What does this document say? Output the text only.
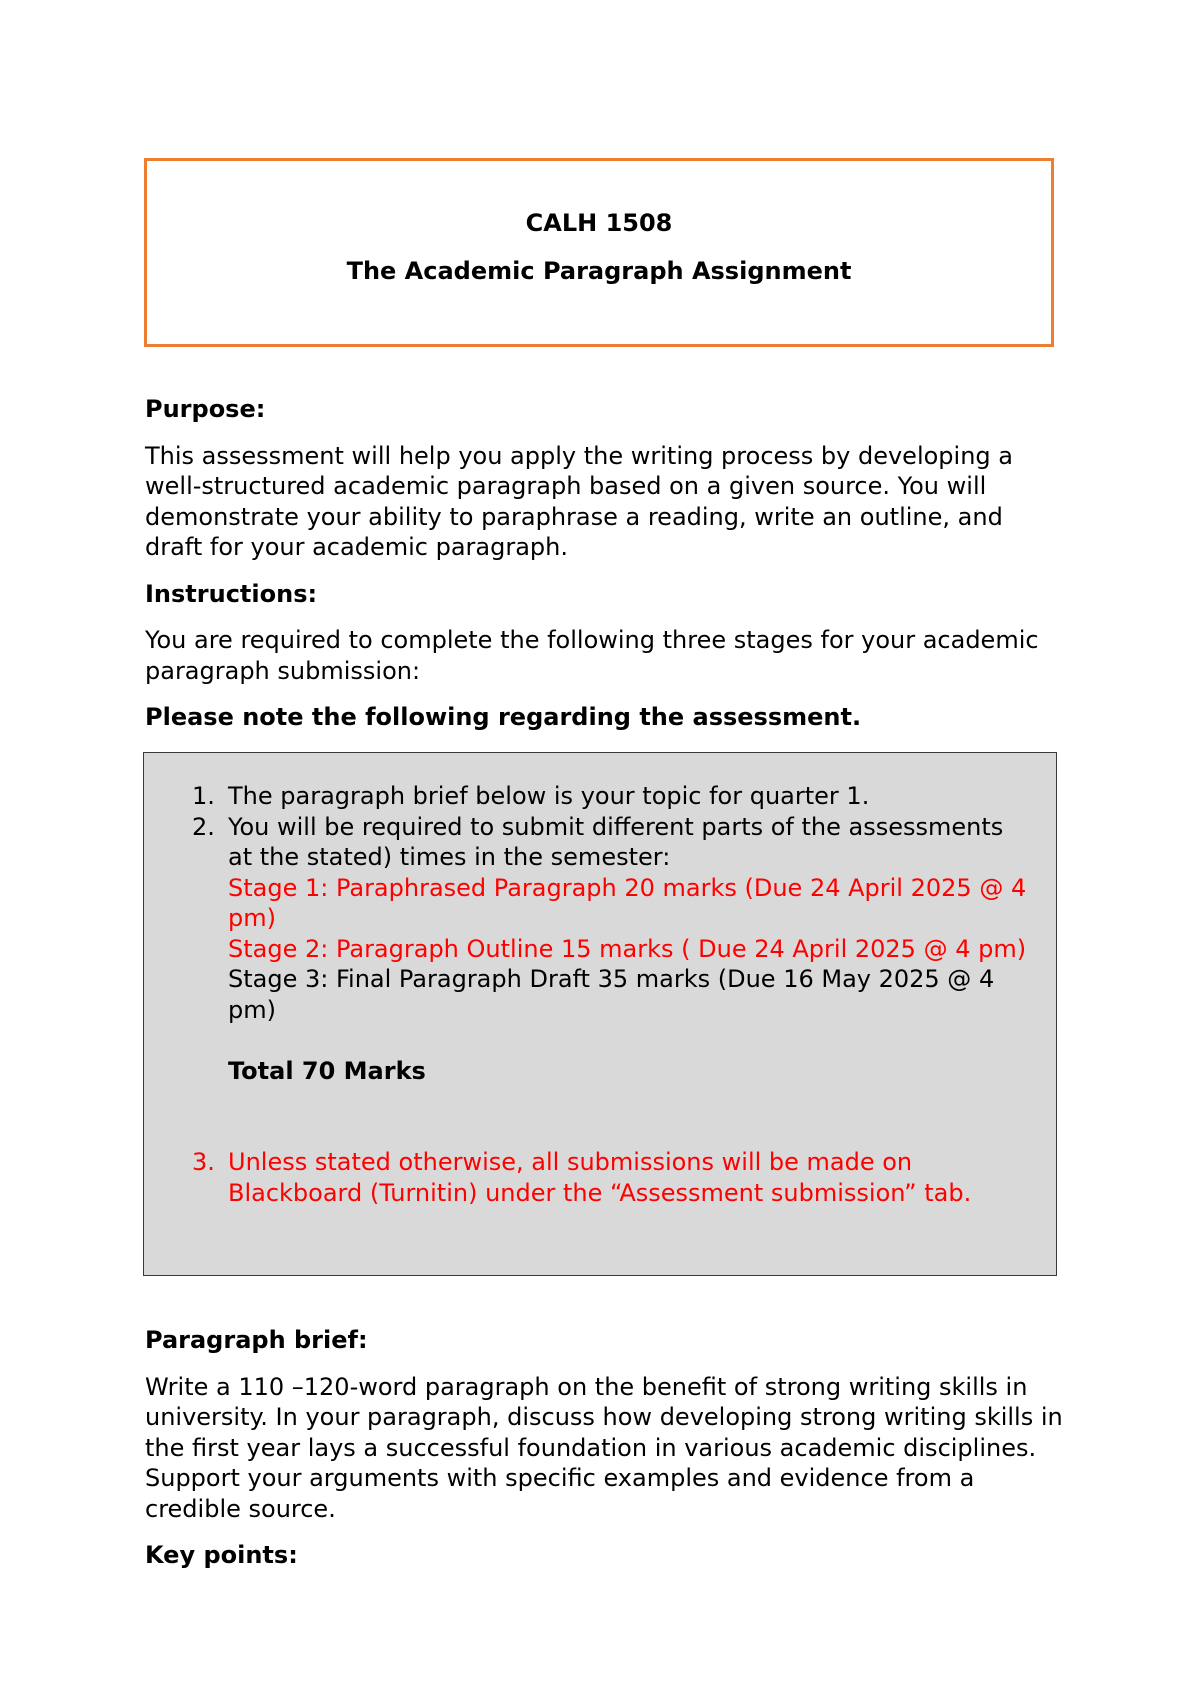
CALH 1508
The Academic Paragraph Assignment
Purpose:
This assessment will help you apply the writing process by developing a well-structured academic paragraph based on a given source. You will demonstrate your ability to paraphrase a reading, write an outline, and draft for your academic paragraph.
Instructions:
You are required to complete the following three stages for your academic paragraph submission:
Please note the following regarding the assessment.
1. The paragraph brief below is your topic for quarter 1.
2. You will be required to submit different parts of the assessments at the stated) times in the semester:
Stage 1: Paraphrased Paragraph 20 marks (Due 24 April 2025 @ 4 pm)
Stage 2: Paragraph Outline 15 marks ( Due 24 April 2025 @ 4 pm)
Stage 3: Final Paragraph Draft 35 marks (Due 16 May 2025 @ 4 pm)
Total 70 Marks
3. Unless stated otherwise, all submissions will be made on Blackboard (Turnitin) under the “Assessment submission” tab.
Paragraph brief:
Write a 110 –120-word paragraph on the benefit of strong writing skills in university. In your paragraph, discuss how developing strong writing skills in the first year lays a successful foundation in various academic disciplines. Support your arguments with specific examples and evidence from a credible source.
Key points:
